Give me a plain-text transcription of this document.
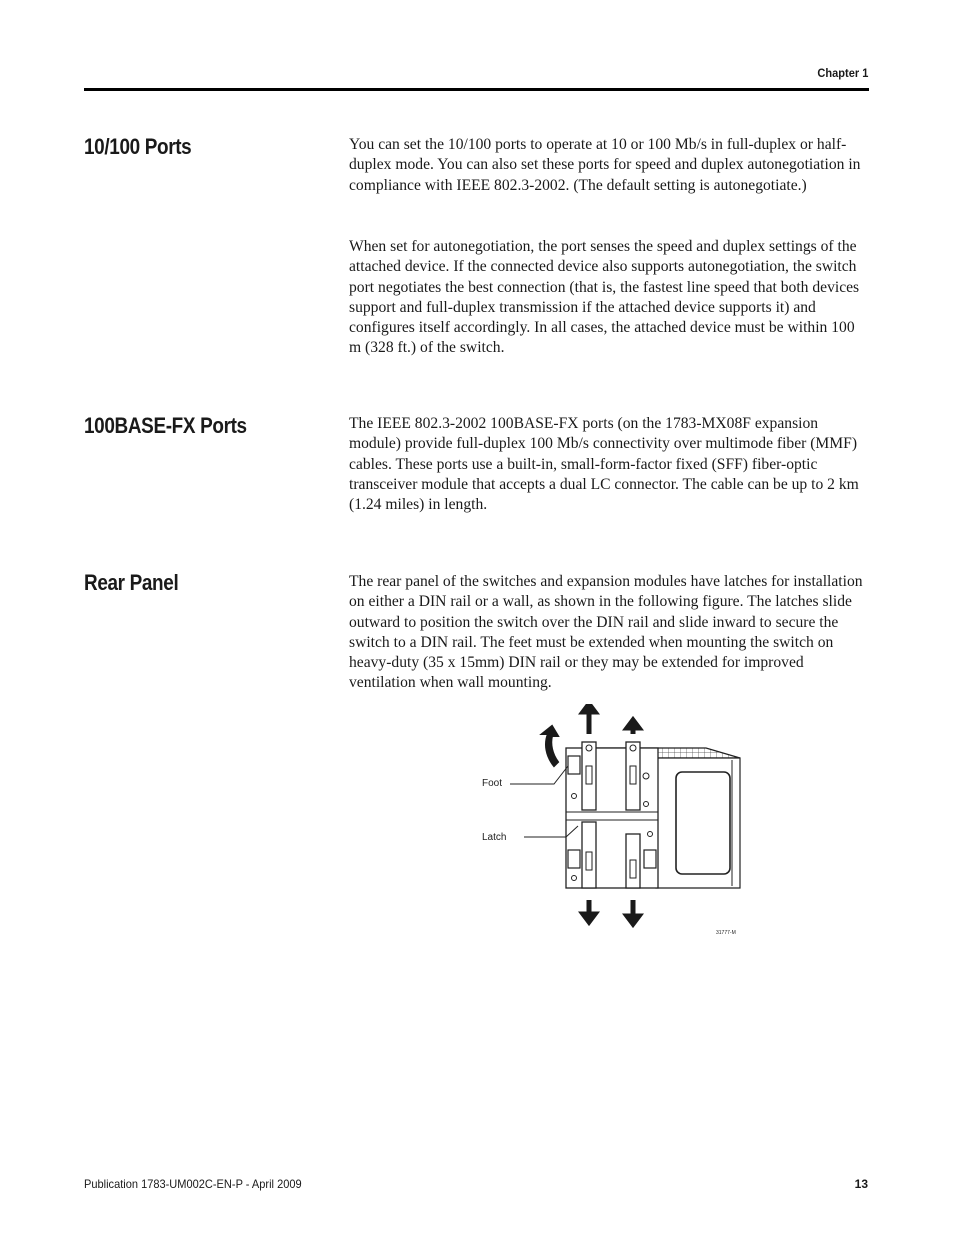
Chapter 1
10/100 Ports	You can set the 10/100 ports to operate at 10 or 100 Mb/s in full-duplex or half-duplex mode. You can also set these ports for speed and duplex autonegotiation in compliance with IEEE 802.3-2002. (The default setting is autonegotiate.)

When set for autonegotiation, the port senses the speed and duplex settings of the attached device. If the connected device also supports autonegotiation, the switch port negotiates the best connection (that is, the fastest line speed that both devices support and full-duplex transmission if the attached device supports it) and configures itself accordingly. In all cases, the attached device must be within 100 m (328 ft.) of the switch.

100BASE-FX Ports	The IEEE 802.3-2002 100BASE-FX ports (on the 1783-MX08F expansion module) provide full-duplex 100 Mb/s connectivity over multimode fiber (MMF) cables. These ports use a built-in, small-form-factor fixed (SFF) fiber-optic transceiver module that accepts a dual LC connector. The cable can be up to 2 km (1.24 miles) in length.

Rear Panel	The rear panel of the switches and expansion modules have latches for installation on either a DIN rail or a wall, as shown in the following figure. The latches slide outward to position the switch over the DIN rail and slide inward to secure the switch to a DIN rail. The feet must be extended when mounting the switch on heavy-duty (35 x 15mm) DIN rail or they may be extended for improved ventilation when wall mounting.

Foot
Latch
31777-M
Publication 1783-UM002C-EN-P - April 2009	13
